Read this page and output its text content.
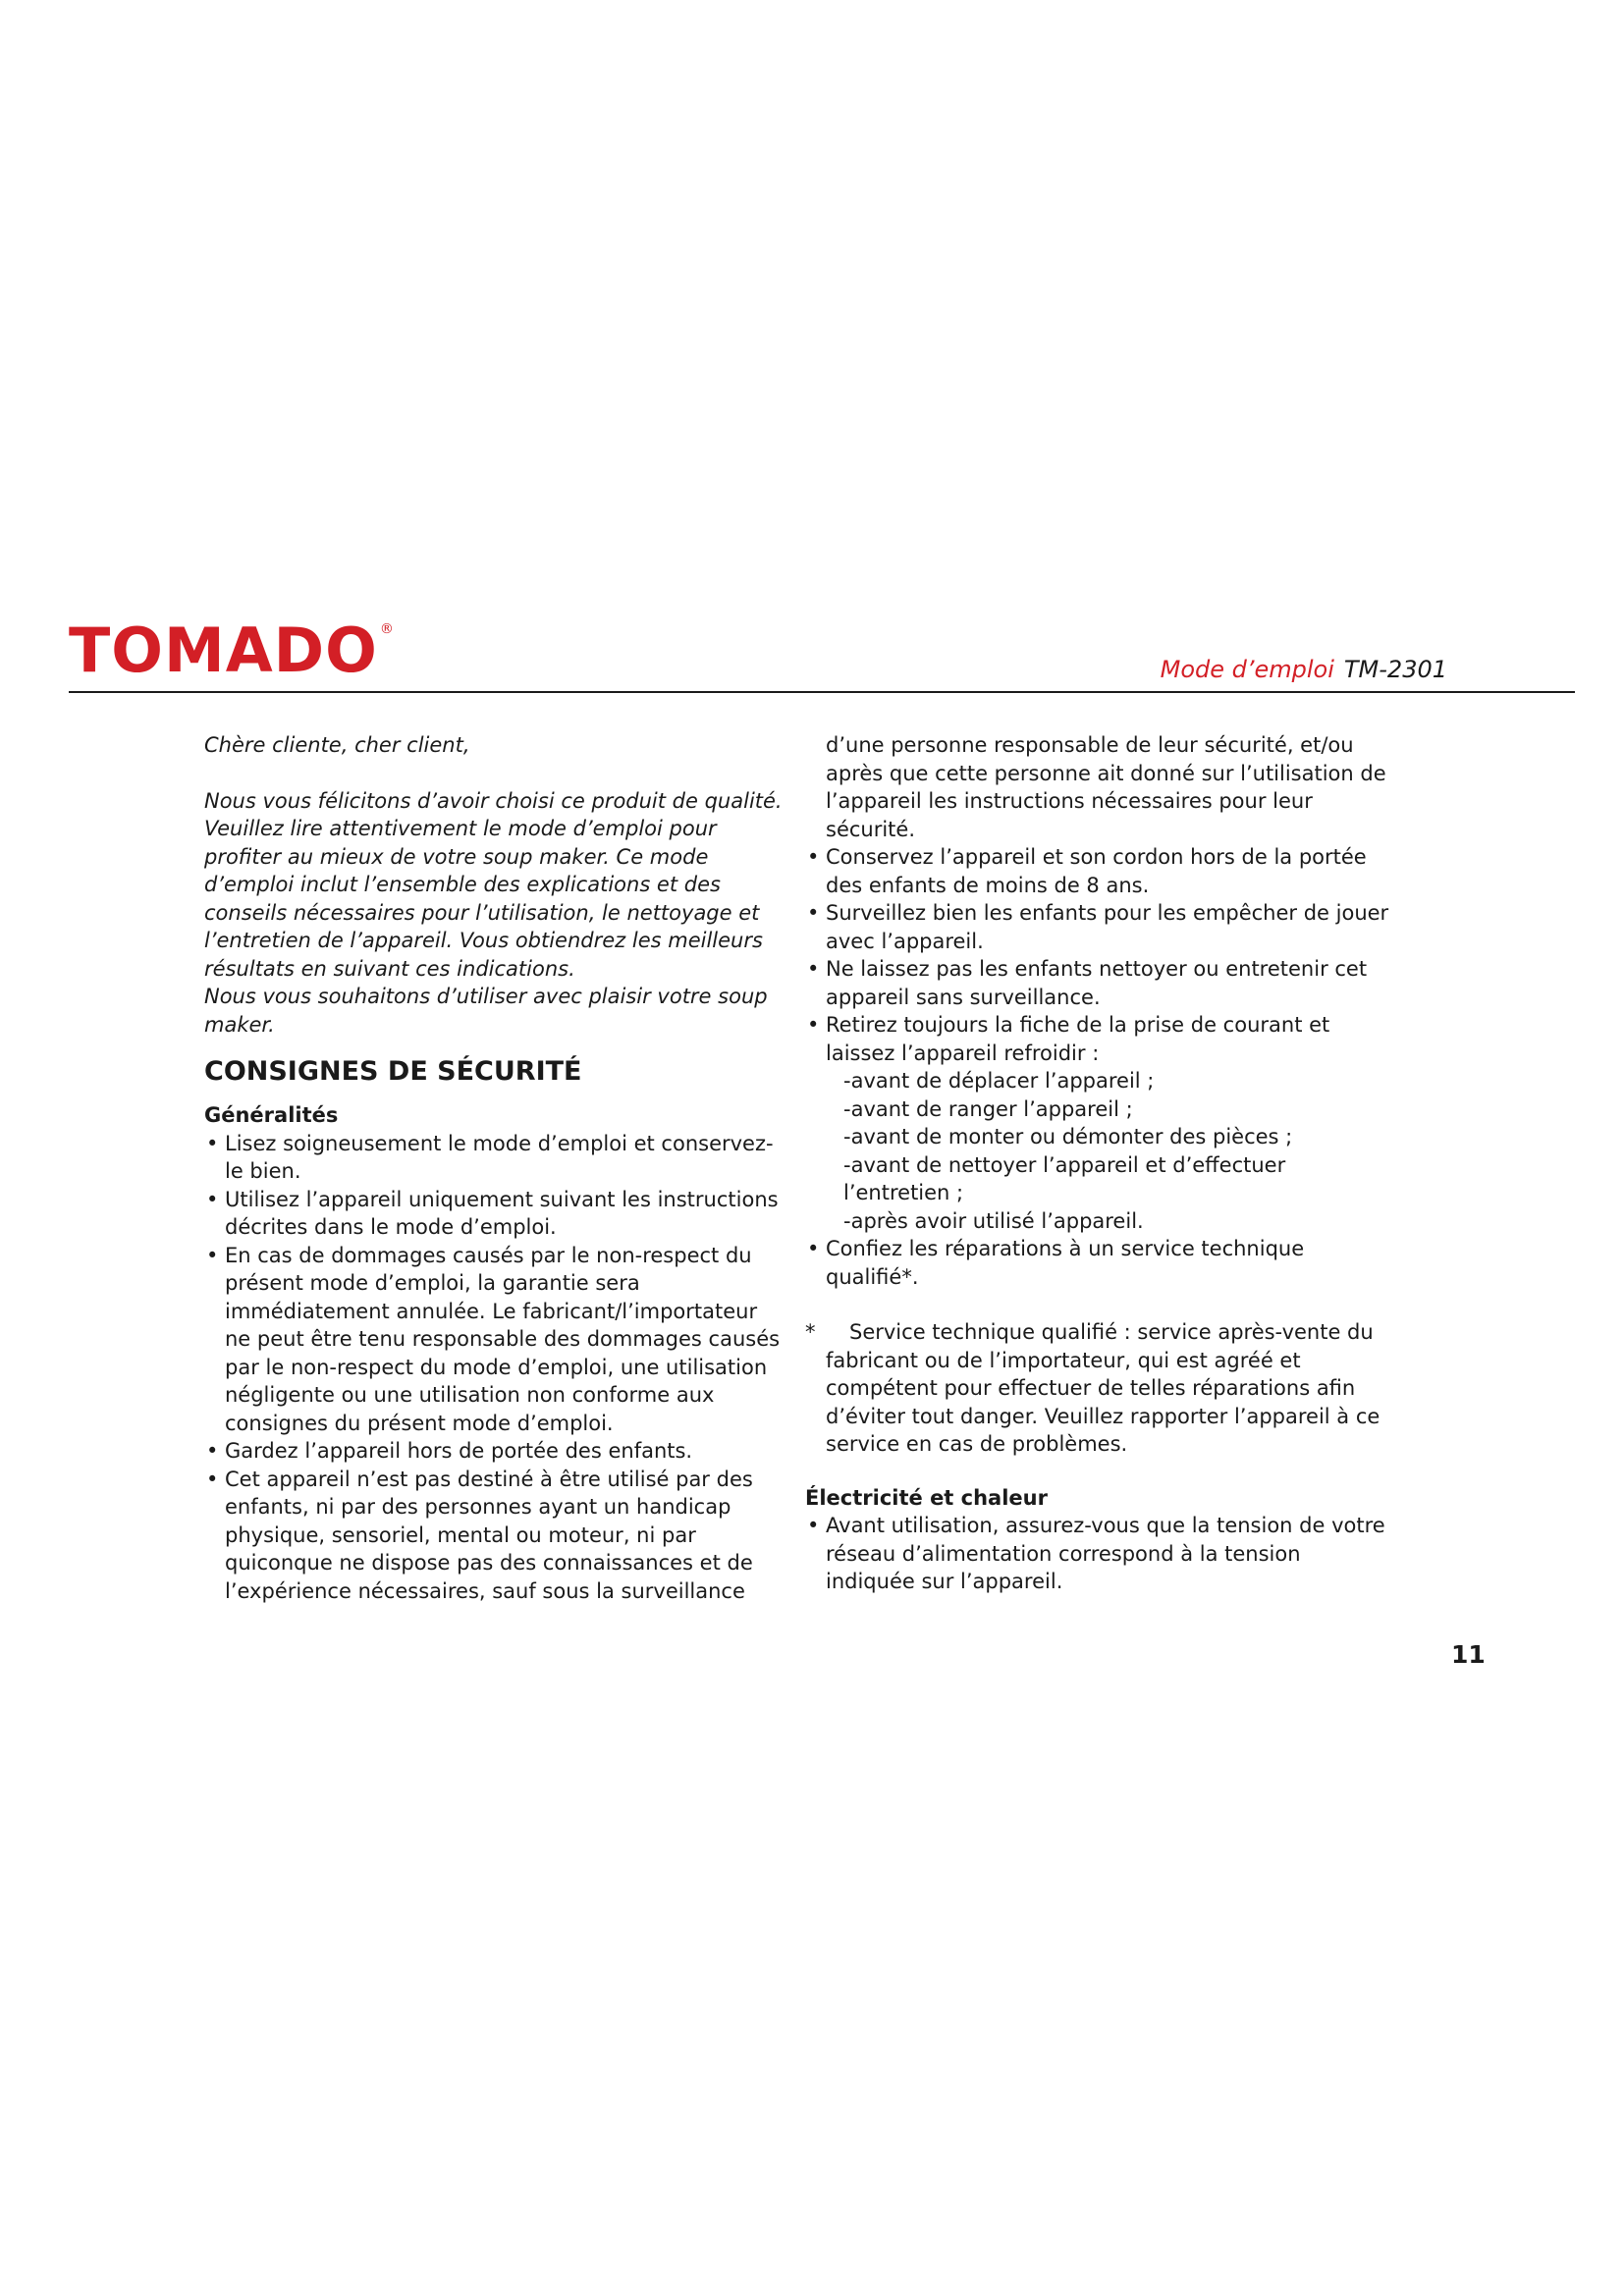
TOMADO ®
Mode d’emploi TM-2301

Chère cliente, cher client,

Nous vous félicitons d’avoir choisi ce produit de qualité. Veuillez lire attentivement le mode d’emploi pour profiter au mieux de votre soup maker. Ce mode d’emploi inclut l’ensemble des explications et des conseils nécessaires pour l’utilisation, le nettoyage et l’entretien de l’appareil. Vous obtiendrez les meilleurs résultats en suivant ces indications.

Nous vous souhaitons d’utiliser avec plaisir votre soup maker.

CONSIGNES DE SÉCURITÉ
Généralités
• Lisez soigneusement le mode d’emploi et conservez-le bien.
• Utilisez l’appareil uniquement suivant les instructions décrites dans le mode d’emploi.
• En cas de dommages causés par le non-respect du présent mode d’emploi, la garantie sera immédiatement annulée. Le fabricant/l’importateur ne peut être tenu responsable des dommages causés par le non-respect du mode d’emploi, une utilisation négligente ou une utilisation non conforme aux consignes du présent mode d’emploi.
• Gardez l’appareil hors de portée des enfants.
• Cet appareil n’est pas destiné à être utilisé par des enfants, ni par des personnes ayant un handicap physique, sensoriel, mental ou moteur, ni par quiconque ne dispose pas des connaissances et de l’expérience nécessaires, sauf sous la surveillance

d’une personne responsable de leur sécurité, et/ou après que cette personne ait donné sur l’utilisation de l’appareil les instructions nécessaires pour leur sécurité.

• Conservez l’appareil et son cordon hors de la portée des enfants de moins de 8 ans.
• Surveillez bien les enfants pour les empêcher de jouer avec l’appareil.
• Ne laissez pas les enfants nettoyer ou entretenir cet appareil sans surveillance.
• Retirez toujours la fiche de la prise de courant et laissez l’appareil refroidir :
-avant de déplacer l’appareil ;
-avant de ranger l’appareil ;
-avant de monter ou démonter des pièces ;
-avant de nettoyer l’appareil et d’effectuer l’entretien ;
-après avoir utilisé l’appareil.
• Confiez les réparations à un service technique qualifié*.
*	Service technique qualifié : service après-vente du fabricant ou de l’importateur, qui est agréé et compétent pour effectuer de telles réparations afin d’éviter tout danger. Veuillez rapporter l’appareil à ce service en cas de problèmes.

Électricité et chaleur
• Avant utilisation, assurez-vous que la tension de votre réseau d’alimentation correspond à la tension indiquée sur l’appareil.
11
